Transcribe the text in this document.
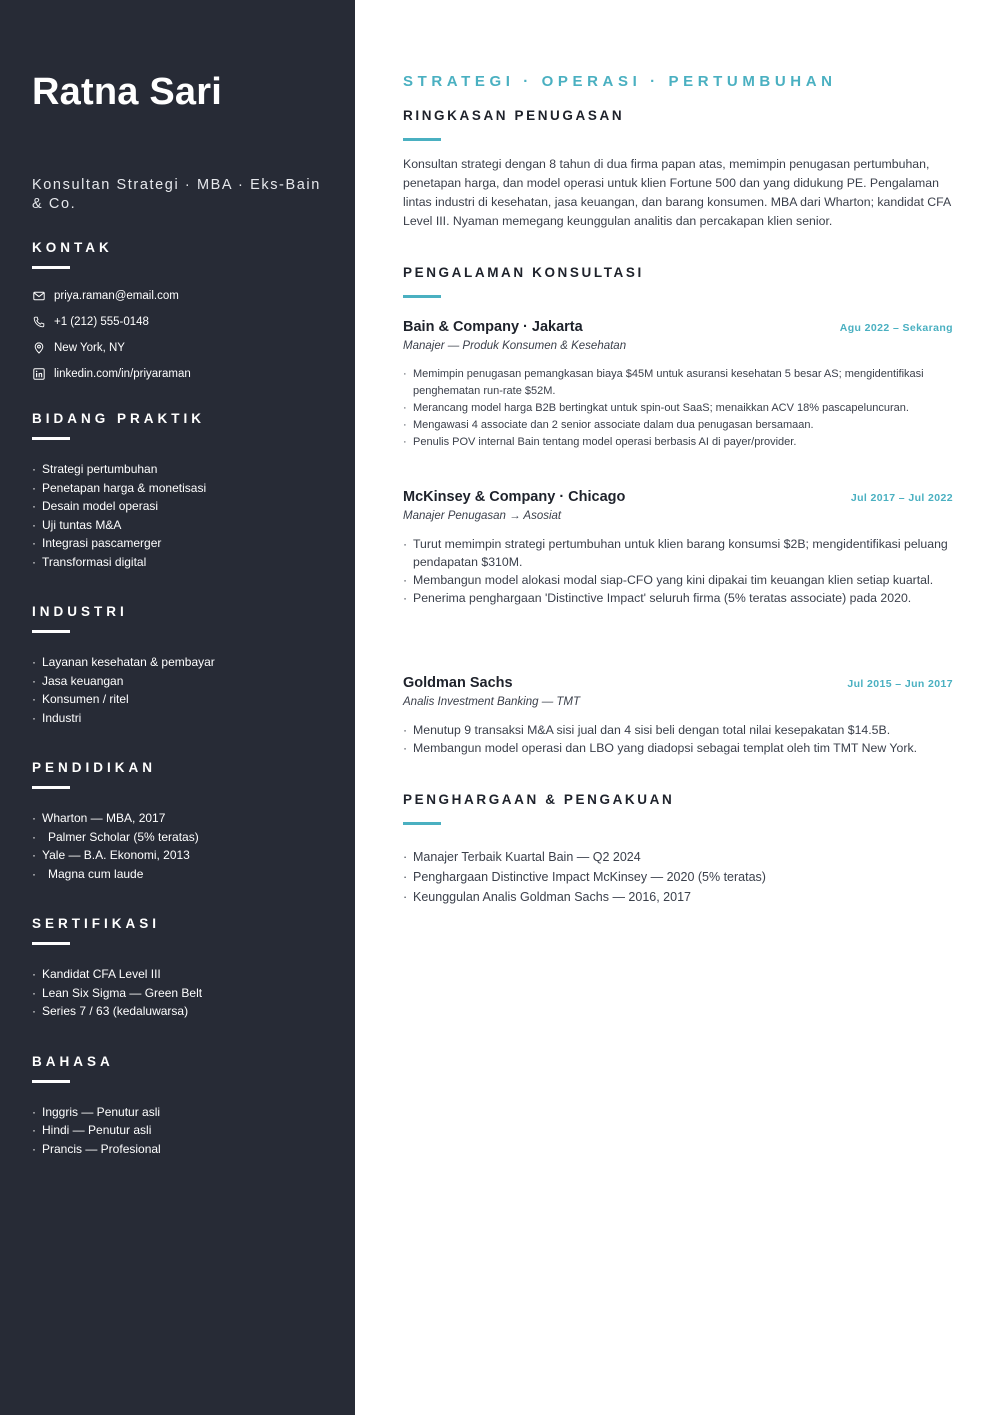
Ratna Sari
Konsultan Strategi · MBA · Eks-Bain & Co.
KONTAK
priya.raman@email.com
+1 (212) 555-0148
New York, NY
linkedin.com/in/priyaraman
BIDANG PRAKTIK
· Strategi pertumbuhan
· Penetapan harga & monetisasi
· Desain model operasi
· Uji tuntas M&A
· Integrasi pascamerger
· Transformasi digital
INDUSTRI
· Layanan kesehatan & pembayar
· Jasa keuangan
· Konsumen / ritel
· Industri
PENDIDIKAN
· Wharton — MBA, 2017
· Palmer Scholar (5% teratas)
· Yale — B.A. Ekonomi, 2013
· Magna cum laude
SERTIFIKASI
· Kandidat CFA Level III
· Lean Six Sigma — Green Belt
· Series 7 / 63 (kedaluwarsa)
BAHASA
· Inggris — Penutur asli
· Hindi — Penutur asli
· Prancis — Profesional
STRATEGI · OPERASI · PERTUMBUHAN
RINGKASAN PENUGASAN

Konsultan strategi dengan 8 tahun di dua firma papan atas, memimpin penugasan pertumbuhan, penetapan harga, dan model operasi untuk klien Fortune 500 dan yang didukung PE. Pengalaman lintas industri di kesehatan, jasa keuangan, dan barang konsumen. MBA dari Wharton; kandidat CFA Level III. Nyaman memegang keunggulan analitis dan percakapan klien senior.

PENGALAMAN KONSULTASI
Bain & Company · Jakarta	Agu 2022 – Sekarang
Manajer — Produk Konsumen & Kesehatan
· Memimpin penugasan pemangkasan biaya $45M untuk asuransi kesehatan 5 besar AS; mengidentifikasi penghematan run-rate $52M.
· Merancang model harga B2B bertingkat untuk spin-out SaaS; menaikkan ACV 18% pascapeluncuran.
· Mengawasi 4 associate dan 2 senior associate dalam dua penugasan bersamaan.
· Penulis POV internal Bain tentang model operasi berbasis AI di payer/provider.
McKinsey & Company · Chicago	Jul 2017 – Jul 2022
Manajer Penugasan → Asosiat
· Turut memimpin strategi pertumbuhan untuk klien barang konsumsi $2B; mengidentifikasi peluang pendapatan $310M.
· Membangun model alokasi modal siap-CFO yang kini dipakai tim keuangan klien setiap kuartal.
· Penerima penghargaan 'Distinctive Impact' seluruh firma (5% teratas associate) pada 2020.
Goldman Sachs	Jul 2015 – Jun 2017
Analis Investment Banking — TMT
· Menutup 9 transaksi M&A sisi jual dan 4 sisi beli dengan total nilai kesepakatan $14.5B.
· Membangun model operasi dan LBO yang diadopsi sebagai templat oleh tim TMT New York.
PENGHARGAAN & PENGAKUAN
· Manajer Terbaik Kuartal Bain — Q2 2024
· Penghargaan Distinctive Impact McKinsey — 2020 (5% teratas)
· Keunggulan Analis Goldman Sachs — 2016, 2017
